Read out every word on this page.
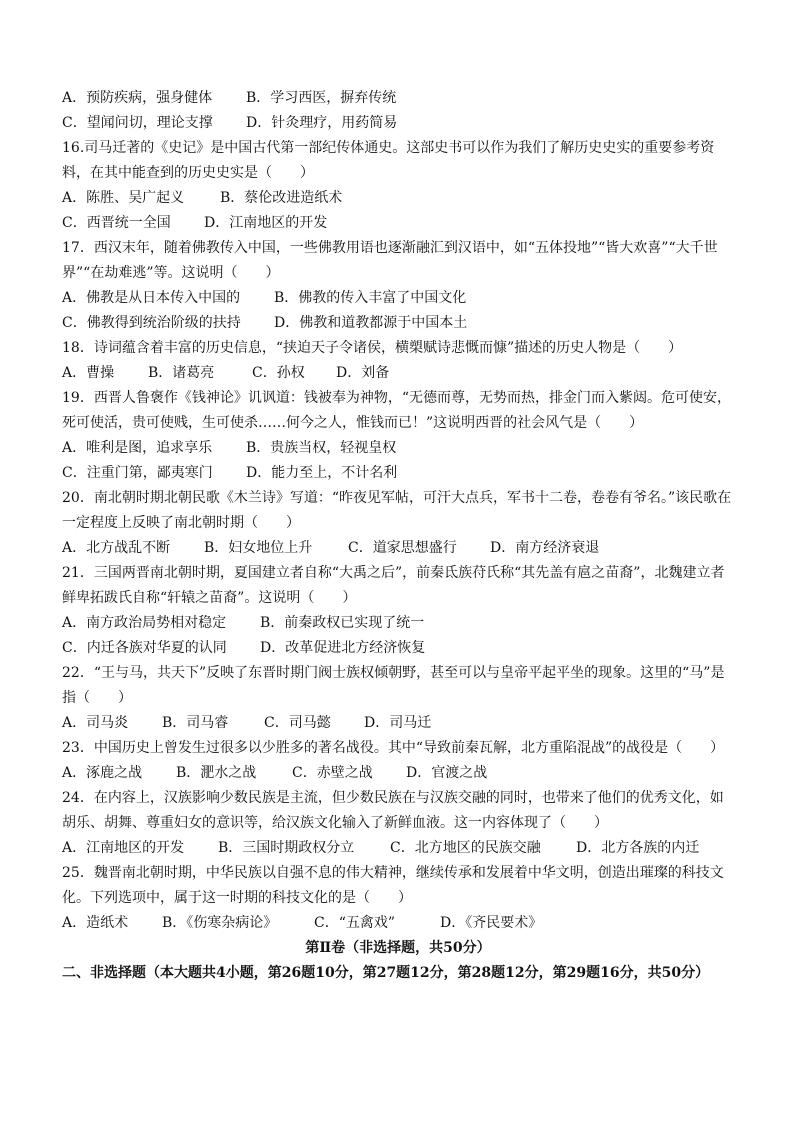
A．预防疾病，强身健体 B．学习西医，摒弃传统
C．望闻问切，理论支撑 D．针灸理疗，用药简易
16.司马迁著的《史记》是中国古代第一部纪传体通史。这部史书可以作为我们了解历史史实的重要参考资料，在其中能查到的历史史实是（　　）
A．陈胜、吴广起义	B．蔡伦改进造纸术
C．西晋统一全国 D．江南地区的开发
17．西汉末年，随着佛教传入中国，一些佛教用语也逐渐融汇到汉语中，如“五体投地”“皆大欢喜”“大千世界”“在劫难逃”等。这说明（　　）
A．佛教是从日本传入中国的 B．佛教的传入丰富了中国文化
C．佛教得到统治阶级的扶持 D．佛教和道教都源于中国本土
18．诗词蕴含着丰富的历史信息，“挟迫天子令诸侯，横槊赋诗悲慨而慷”描述的历史人物是（　　）
A．曹操 B．诸葛亮	C．孙权 D．刘备
19．西晋人鲁褒作《钱神论》讥讽道：钱被奉为神物，“无德而尊，无势而热，排金门而入紫闼。危可使安，死可使活，贵可使贱，生可使杀……何今之人，惟钱而已！”这说明西晋的社会风气是（　　）
A．唯利是图，追求享乐 B．贵族当权，轻视皇权
C．注重门第，鄙夷寒门 D．能力至上，不计名利
20．南北朝时期北朝民歌《木兰诗》写道：“昨夜见军帖，可汗大点兵，军书十二卷，卷卷有爷名。”该民歌在一定程度上反映了南北朝时期（　　）
A．北方战乱不断 B．妇女地位上升	C．道家思想盛行 D．南方经济衰退
21．三国两晋南北朝时期，夏国建立者自称“大禹之后”，前秦氐族苻氏称“其先盖有扈之苗裔”，北魏建立者鲜卑拓跋氏自称“轩辕之苗裔”。这说明（　　）
A．南方政治局势相对稳定 B．前秦政权已实现了统一
C．内迁各族对华夏的认同 D．改革促进北方经济恢复
22．“王与马，共天下”反映了东晋时期门阀士族权倾朝野，甚至可以与皇帝平起平坐的现象。这里的“马”是指（　　）
A．司马炎 B．司马睿	C．司马懿 D．司马迁
23．中国历史上曾发生过很多以少胜多的著名战役。其中“导致前秦瓦解，北方重陷混战”的战役是（　　）
A．涿鹿之战 B．淝水之战	C．赤壁之战 D．官渡之战
24．在内容上，汉族影响少数民族是主流，但少数民族在与汉族交融的同时，也带来了他们的优秀文化，如胡乐、胡舞、尊重妇女的意识等，给汉族文化输入了新鲜血液。这一内容体现了（　　）
A．江南地区的开发 B．三国时期政权分立	C．北方地区的民族交融	D．北方各族的内迁
25．魏晋南北朝时期，中华民族以自强不息的伟大精神，继续传承和发展着中华文明，创造出璀璨的科技文化。下列选项中，属于这一时期的科技文化的是（　　）
A．造纸术 B．《伤寒杂病论》	C．“五禽戏”	D．《齐民要术》
第Ⅱ卷（非选择题，共50分）
二、非选择题（本大题共4小题，第26题10分，第27题12分，第28题12分，第29题16分，共50分）
